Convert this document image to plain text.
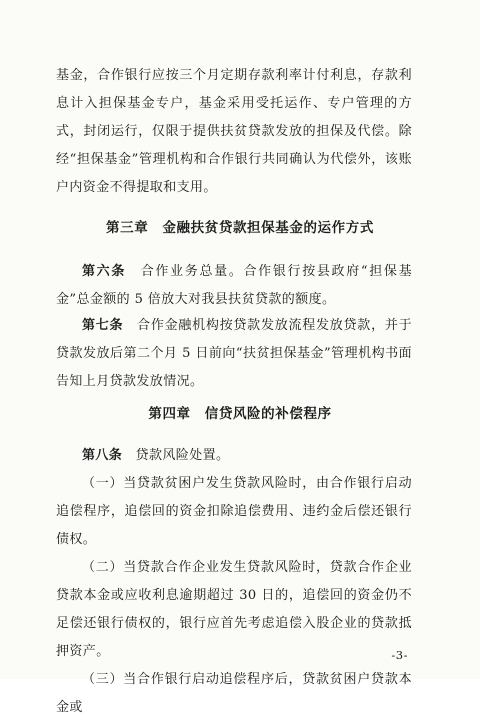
基金，合作银行应按三个月定期存款利率计付利息，存款利息计入担保基金专户，基金采用受托运作、专户管理的方式，封闭运行，仅限于提供扶贫贷款发放的担保及代偿。除经“担保基金”管理机构和合作银行共同确认为代偿外，该账户内资金不得提取和支用。

第三章　金融扶贫贷款担保基金的运作方式

第六条　合作业务总量。合作银行按县政府“担保基金”总金额的 5 倍放大对我县扶贫贷款的额度。

第七条　合作金融机构按贷款发放流程发放贷款，并于贷款发放后第二个月 5 日前向“扶贫担保基金”管理机构书面告知上月贷款发放情况。

第四章　信贷风险的补偿程序

第八条　贷款风险处置。

（一）当贷款贫困户发生贷款风险时，由合作银行启动追偿程序，追偿回的资金扣除追偿费用、违约金后偿还银行债权。

（二）当贷款合作企业发生贷款风险时，贷款合作企业贷款本金或应收利息逾期超过 30 日的，追偿回的资金仍不足偿还银行债权的，银行应首先考虑追偿入股企业的贷款抵押资产。

（三）当合作银行启动追偿程序后，贷款贫困户贷款本金或

-3-
